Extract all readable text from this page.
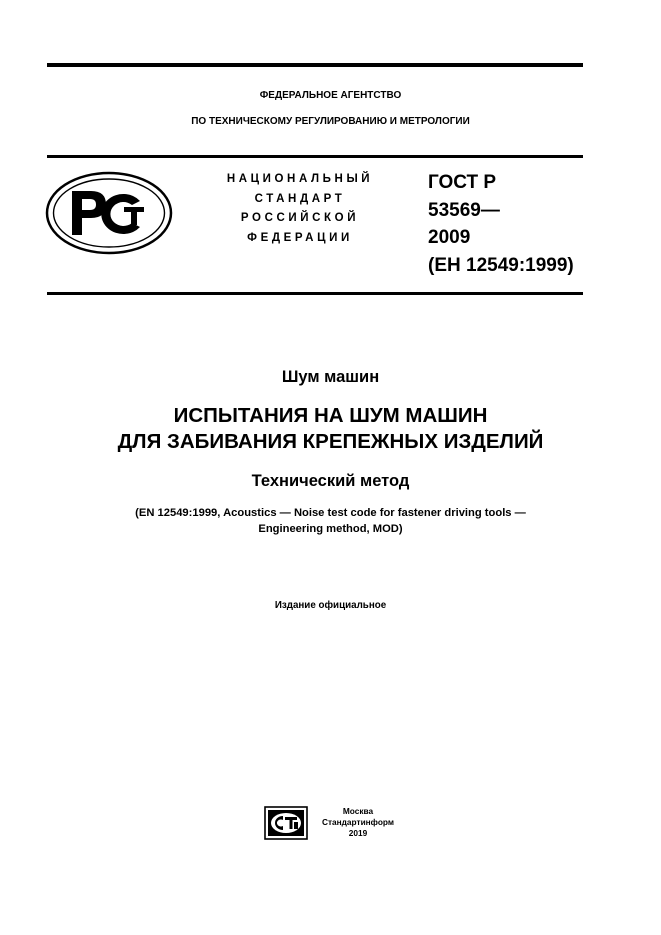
ФЕДЕРАЛЬНОЕ АГЕНТСТВО
ПО ТЕХНИЧЕСКОМУ РЕГУЛИРОВАНИЮ И МЕТРОЛОГИИ
НАЦИОНАЛЬНЫЙ
СТАНДАРТ
РОССИЙСКОЙ
ФЕДЕРАЦИИ
ГОСТ Р
53569—
2009
(ЕН 12549:1999)
Шум машин
ИСПЫТАНИЯ НА ШУМ МАШИН
ДЛЯ ЗАБИВАНИЯ КРЕПЕЖНЫХ ИЗДЕЛИЙ
Технический метод
(EN 12549:1999, Acoustics — Noise test code for fastener driving tools —
Engineering method, MOD)
Издание официальное
Москва
Стандартинформ
2019
